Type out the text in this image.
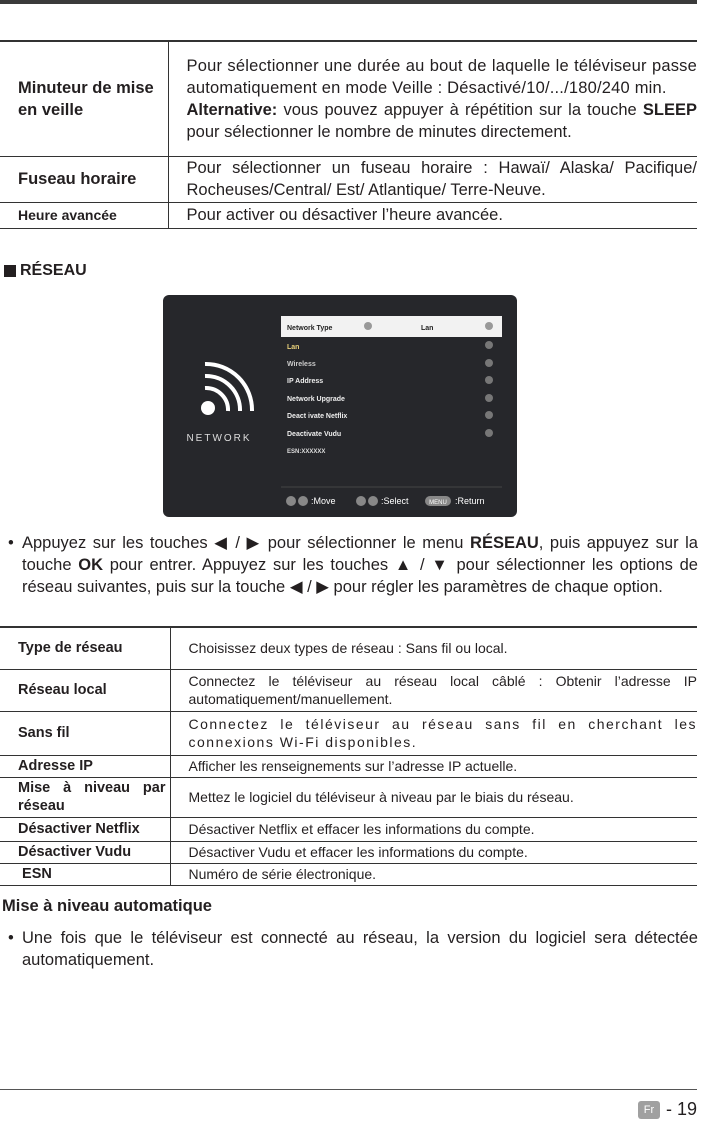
Minuteur de mise en veille	Pour sélectionner une durée au bout de laquelle le téléviseur passe automatiquement en mode Veille : Désactivé/10/.../180/240 min.
Alternative: vous pouvez appuyer à répétition sur la touche SLEEP pour sélectionner le nombre de minutes directement.

Fuseau horaire	Pour sélectionner un fuseau horaire : Hawaï/ Alaska/ Pacifique/ Rocheuses/Central/ Est/ Atlantique/ Terre-Neuve.
Heure avancée	Pour activer ou désactiver l’heure avancée.
RÉSEAU
NETWORK
Network Type	Lan
Lan
Wireless
IP Address
Network Upgrade
Deact ivate Netflix
Deactivate Vudu
ESN:XXXXXX
:Move	:Select	MENU :Return
• Appuyez sur les touches ◀ / ▶ pour sélectionner le menu RÉSEAU, puis appuyez sur la touche OK pour entrer. Appuyez sur les touches ▲ / ▼ pour sélectionner les options de réseau suivantes, puis sur la touche ◀ / ▶ pour régler les paramètres de chaque option.
Type de réseau	Choisissez deux types de réseau : Sans fil ou local.
Réseau local	Connectez le téléviseur au réseau local câblé : Obtenir l’adresse IP automatiquement/manuellement.
Sans fil	Connectez le téléviseur au réseau sans fil en cherchant les connexions Wi-Fi disponibles.
Adresse IP	Afficher les renseignements sur l’adresse IP actuelle.
Mise à niveau par réseau	Mettez le logiciel du téléviseur à niveau par le biais du réseau.
Désactiver Netflix	Désactiver Netflix et effacer les informations du compte.
Désactiver Vudu	Désactiver Vudu et effacer les informations du compte.
ESN	Numéro de série électronique.
Mise à niveau automatique
• Une fois que le téléviseur est connecté au réseau, la version du logiciel sera détectée automatiquement.
Fr - 19
